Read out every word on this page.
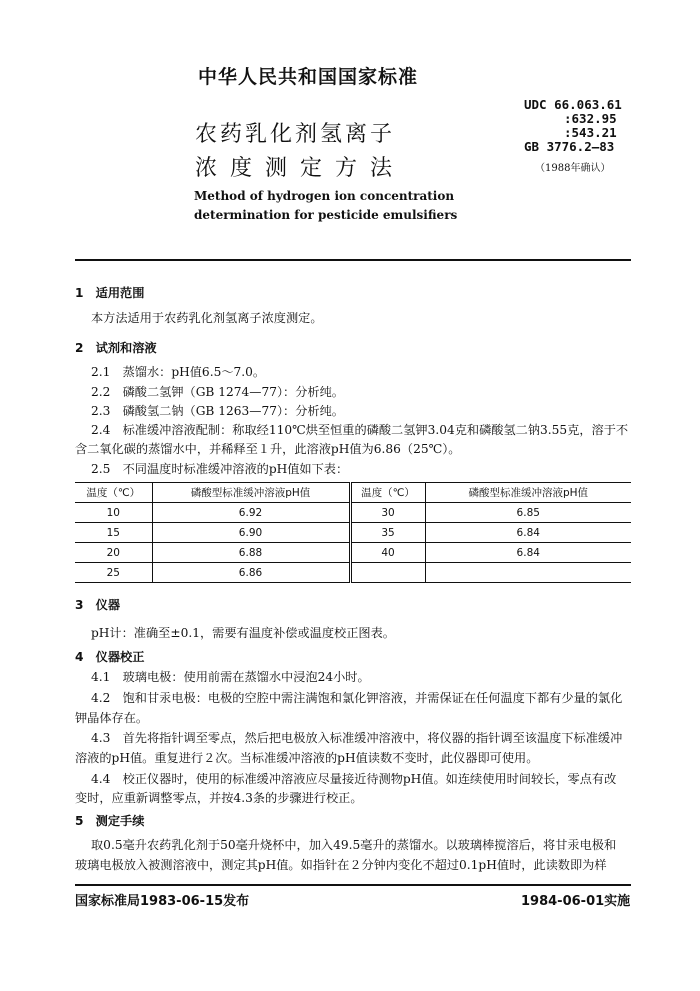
中华人民共和国国家标准
农药乳化剂氢离子
浓 度 测 定 方 法
Method of hydrogen ion concentration
determination for pesticide emulsifiers
UDC 66.063.61
:632.95
:543.21
GB 3776.2—83
（1988年确认）
1　适用范围
本方法适用于农药乳化剂氢离子浓度测定。
2　试剂和溶液
2.1　蒸馏水：pH值6.5～7.0。
2.2　磷酸二氢钾（GB 1274—77）：分析纯。
2.3　磷酸氢二钠（GB 1263—77）：分析纯。
2.4　标准缓冲溶液配制：称取经110℃烘至恒重的磷酸二氢钾3.04克和磷酸氢二钠3.55克，溶于不
含二氧化碳的蒸馏水中，并稀释至１升，此溶液pH值为6.86（25℃）。
2.5　不同温度时标准缓冲溶液的pH值如下表：
温度（℃）	磷酸型标准缓冲溶液pH值	温度（℃）	磷酸型标准缓冲溶液pH值
10	6.92	30	6.85
15	6.90	35	6.84
20	6.88	40	6.84
25	6.86		
3　仪器
pH计：准确至±0.1，需要有温度补偿或温度校正图表。
4　仪器校正
4.1　玻璃电极：使用前需在蒸馏水中浸泡24小时。
4.2　饱和甘汞电极：电极的空腔中需注满饱和氯化钾溶液，并需保证在任何温度下都有少量的氯化
钾晶体存在。
4.3　首先将指针调至零点，然后把电极放入标准缓冲溶液中，将仪器的指针调至该温度下标准缓冲
溶液的pH值。重复进行２次。当标准缓冲溶液的pH值读数不变时，此仪器即可使用。
4.4　校正仪器时，使用的标准缓冲溶液应尽量接近待测物pH值。如连续使用时间较长，零点有改
变时，应重新调整零点，并按4.3条的步骤进行校正。
5　测定手续
取0.5毫升农药乳化剂于50毫升烧杯中，加入49.5毫升的蒸馏水。以玻璃棒搅溶后，将甘汞电极和
玻璃电极放入被测溶液中，测定其pH值。如指针在２分钟内变化不超过0.1pH值时，此读数即为样
国家标准局1983-06-15发布	1984-06-01实施
